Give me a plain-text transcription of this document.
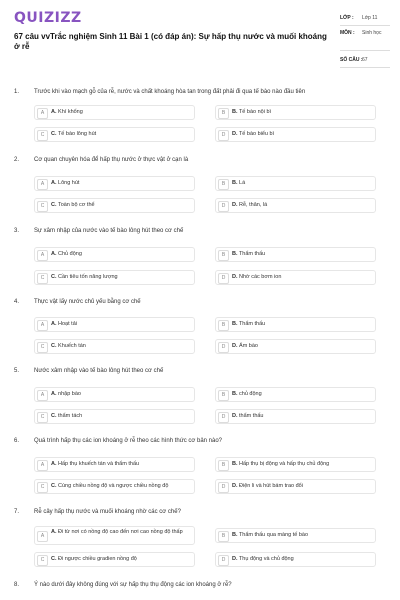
QUIZIZZ
67 câu vvTrắc nghiệm Sinh 11 Bài 1 (có đáp án): Sự hấp thụ nước và muối khoáng ở rễ
LỚP : Lớp 11
MÔN : Sinh học
SỐ CÂU : 67
1. Trước khi vào mạch gỗ của rễ, nước và chất khoáng hòa tan trong đất phải đi qua tế bào nào đầu tiên
A	A. Khí khổng	B	B. Tế bào nội bì
C	C. Tế bào lông hút	D	D. Tế bào biểu bì
2. Cơ quan chuyên hóa để hấp thụ nước ở thực vật ở cạn là
A	A. Lông hút	B	B. Lá
C	C. Toàn bộ cơ thể	D	D. Rễ, thân, lá
3. Sự xâm nhập của nước vào tế bào lông hút theo cơ chế
A	A. Chủ động	B	B. Thẩm thấu
C	C. Cần tiêu tốn năng lượng	D	D. Nhờ các bơm ion
4. Thực vật lấy nước chủ yếu bằng cơ chế
A	A. Hoạt tải	B	B. Thẩm thấu
C	C. Khuếch tán	D	D. Ẩm bào
5. Nước xâm nhập vào tế bào lông hút theo cơ chế
A	A. nhập bào	B	B. chủ động
C	C. thẩm tách	D	D. thẩm thấu
6. Quá trình hấp thụ các ion khoáng ở rễ theo các hình thức cơ bản nào?
A	A. Hấp thụ khuếch tán và thẩm thấu	B	B. Hấp thụ bị động và hấp thụ chủ động
C	C. Cùng chiều nồng độ và ngược chiều nồng độ	D	D. Điện li và hút bám trao đổi
7. Rễ cây hấp thụ nước và muối khoáng nhờ các cơ chế?
A
A. Đi từ nơi có nồng độ cao đến nơi cao nồng độ thấp
B	B. Thẩm thấu qua màng tế bào
C	C. Đi ngược chiều gradien nồng độ	D	D. Thụ động và chủ động
8. Ý nào dưới đây không đúng với sự hấp thụ thụ động các ion khoáng ở rễ?
